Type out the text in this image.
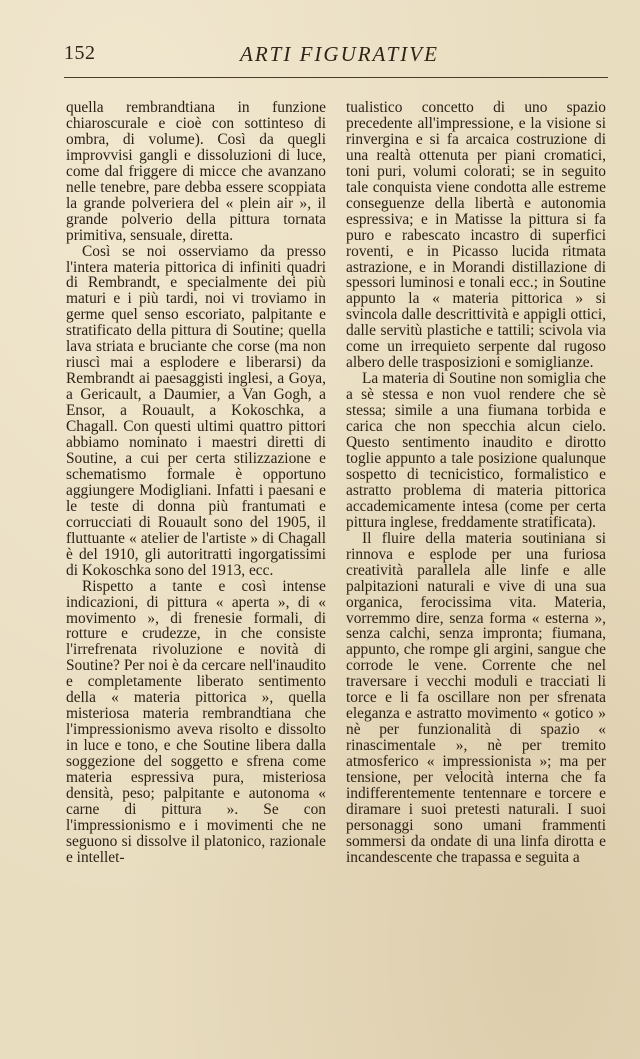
152	ARTI FIGURATIVE

quella rembrandtiana in funzione chiaroscurale e cioè con sottinteso di ombra, di volume). Così da quegli improvvisi gangli e dissoluzioni di luce, come dal friggere di micce che avanzano nelle tenebre, pare debba essere scoppiata la grande polveriera del « plein air », il grande polverio della pittura tornata primitiva, sensuale, diretta.

Così se noi osserviamo da presso l'intera materia pittorica di infiniti quadri di Rembrandt, e specialmente dei più maturi e i più tardi, noi vi troviamo in germe quel senso escoriato, palpitante e stratificato della pittura di Soutine; quella lava striata e bruciante che corse (ma non riuscì mai a esplodere e liberarsi) da Rembrandt ai paesaggisti inglesi, a Goya, a Gericault, a Daumier, a Van Gogh, a Ensor, a Rouault, a Kokoschka, a Chagall. Con questi ultimi quattro pittori abbiamo nominato i maestri diretti di Soutine, a cui per certa stilizzazione e schematismo formale è opportuno aggiungere Modigliani. Infatti i paesani e le teste di donna più frantumati e corrucciati di Rouault sono del 1905, il fluttuante « atelier de l'artiste » di Chagall è del 1910, gli autoritratti ingorgatissimi di Kokoschka sono del 1913, ecc.

Rispetto a tante e così intense indicazioni, di pittura « aperta », di « movimento », di frenesie formali, di rotture e crudezze, in che consiste l'irrefrenata rivoluzione e novità di Soutine? Per noi è da cercare nell'inaudito e completamente liberato sentimento della « materia pittorica », quella misteriosa materia rembrandtiana che l'impressionismo aveva risolto e dissolto in luce e tono, e che Soutine libera dalla soggezione del soggetto e sfrena come materia espressiva pura, misteriosa densità, peso; palpitante e autonoma « carne di pittura ». Se con l'impressionismo e i movimenti che ne seguono si dissolve il platonico, razionale e intellet-

tualistico concetto di uno spazio precedente all'impressione, e la visione si rinvergina e si fa arcaica costruzione di una realtà ottenuta per piani cromatici, toni puri, volumi colorati; se in seguito tale conquista viene condotta alle estreme conseguenze della libertà e autonomia espressiva; e in Matisse la pittura si fa puro e rabescato incastro di superfici roventi, e in Picasso lucida ritmata astrazione, e in Morandi distillazione di spessori luminosi e tonali ecc.; in Soutine appunto la « materia pittorica » si svincola dalle descrittività e appigli ottici, dalle servitù plastiche e tattili; scivola via come un irrequieto serpente dal rugoso albero delle trasposizioni e somiglianze.

La materia di Soutine non somiglia che a sè stessa e non vuol rendere che sè stessa; simile a una fiumana torbida e carica che non specchia alcun cielo. Questo sentimento inaudito e dirotto toglie appunto a tale posizione qualunque sospetto di tecnicistico, formalistico e astratto problema di materia pittorica accademicamente intesa (come per certa pittura inglese, freddamente stratificata).

Il fluire della materia soutiniana si rinnova e esplode per una furiosa creatività parallela alle linfe e alle palpitazioni naturali e vive di una sua organica, ferocissima vita. Materia, vorremmo dire, senza forma « esterna », senza calchi, senza impronta; fiumana, appunto, che rompe gli argini, sangue che corrode le vene. Corrente che nel traversare i vecchi moduli e tracciati li torce e li fa oscillare non per sfrenata eleganza e astratto movimento « gotico » nè per funzionalità di spazio « rinascimentale », nè per tremito atmosferico « impressionista »; ma per tensione, per velocità interna che fa indifferentemente tentennare e torcere e diramare i suoi pretesti naturali. I suoi personaggi sono umani frammenti sommersi da ondate di una linfa dirotta e incandescente che trapassa e seguita a
